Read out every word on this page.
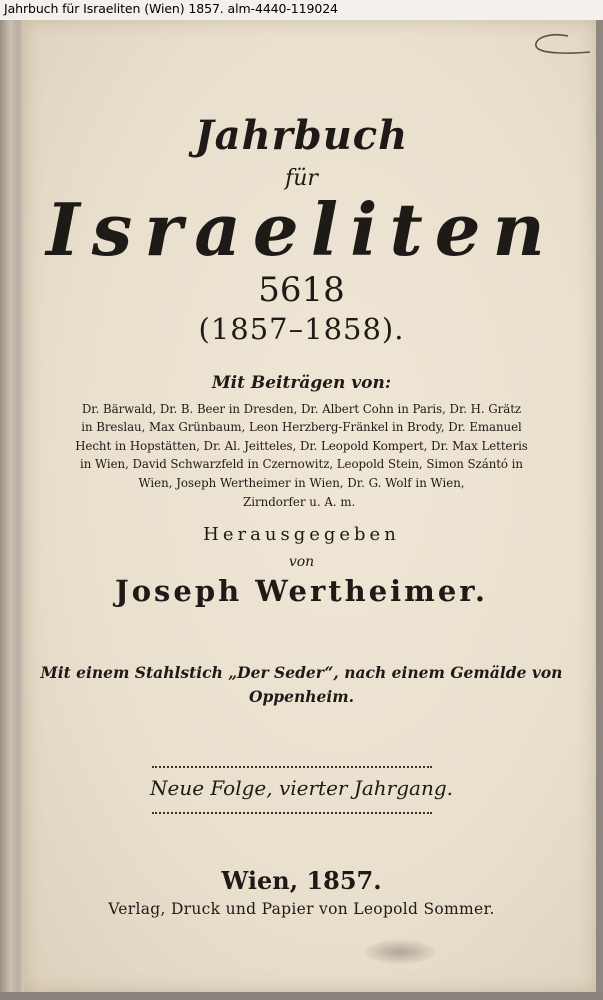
Jahrbuch für Israeliten (Wien) 1857. alm-4440-119024
Jahrbuch
für
Israeliten
5618
(1857–1858).
Mit Beiträgen von:
Dr. Bärwald, Dr. B. Beer in Dresden, Dr. Albert Cohn in Paris, Dr. H. Grätz
in Breslau, Max Grünbaum, Leon Herzberg-Fränkel in Brody, Dr. Emanuel
Hecht in Hopstätten, Dr. Al. Jeitteles, Dr. Leopold Kompert, Dr. Max Letteris
in Wien, David Schwarzfeld in Czernowitz, Leopold Stein, Simon Szántó in
Wien, Joseph Wertheimer in Wien, Dr. G. Wolf in Wien,
Zirndorfer u. A. m.
Herausgegeben
von
Joseph Wertheimer.
Mit einem Stahlstich „Der Seder“, nach einem Gemälde von
Oppenheim.
Neue Folge, vierter Jahrgang.
Wien, 1857.
Verlag, Druck und Papier von Leopold Sommer.
